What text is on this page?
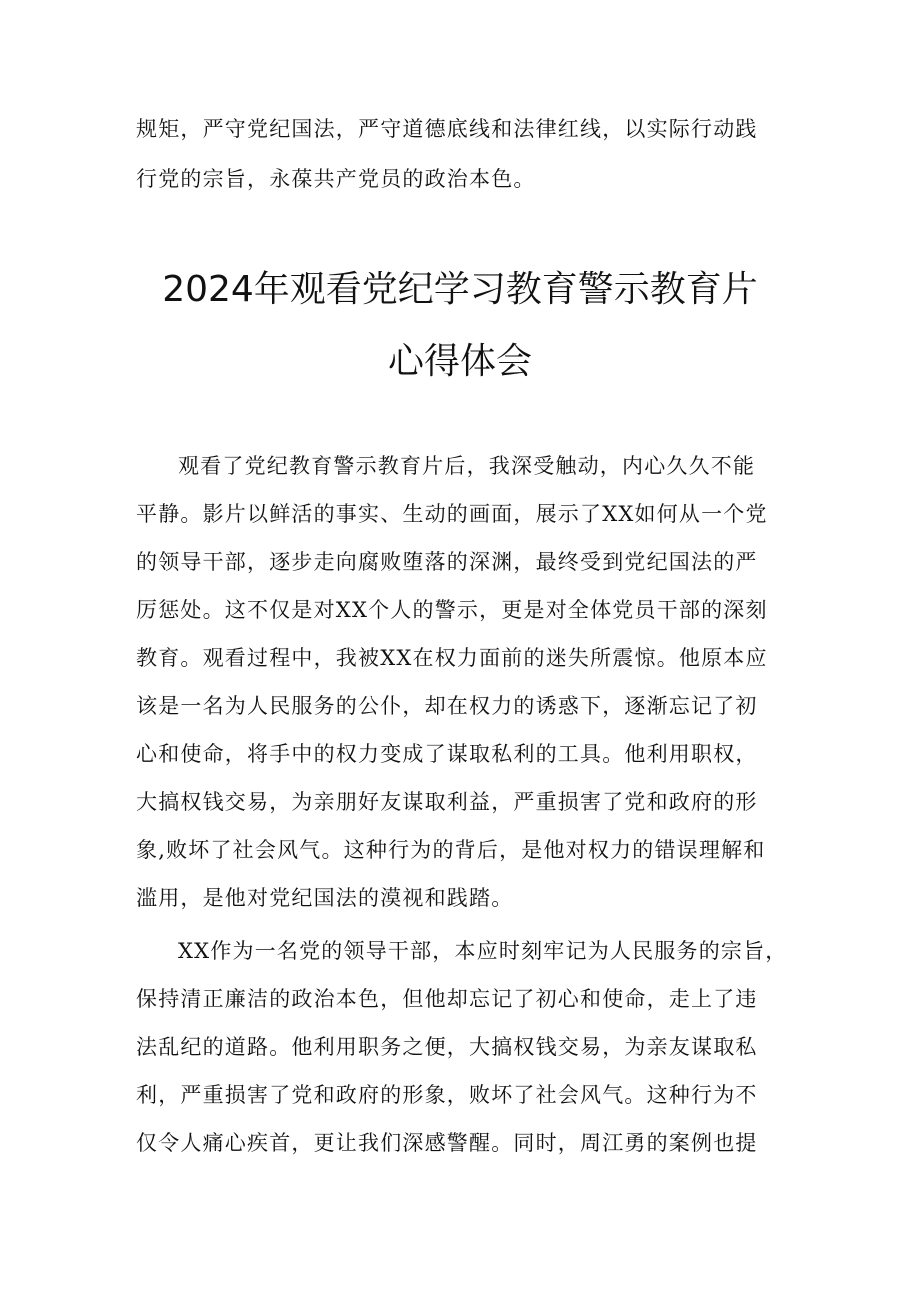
规矩，严守党纪国法，严守道德底线和法律红线，以实际行动践
行党的宗旨，永葆共产党员的政治本色。
2024年观看党纪学习教育警示教育片
心得体会
观看了党纪教育警示教育片后，我深受触动，内心久久不能
平静。影片以鲜活的事实、生动的画面，展示了XX如何从一个党
的领导干部，逐步走向腐败堕落的深渊，最终受到党纪国法的严
厉惩处。这不仅是对XX个人的警示，更是对全体党员干部的深刻
教育。观看过程中，我被XX在权力面前的迷失所震惊。他原本应
该是一名为人民服务的公仆，却在权力的诱惑下，逐渐忘记了初
心和使命，将手中的权力变成了谋取私利的工具。他利用职权，
大搞权钱交易，为亲朋好友谋取利益，严重损害了党和政府的形
象,败坏了社会风气。这种行为的背后，是他对权力的错误理解和
滥用，是他对党纪国法的漠视和践踏。
XX作为一名党的领导干部，本应时刻牢记为人民服务的宗旨，
保持清正廉洁的政治本色，但他却忘记了初心和使命，走上了违
法乱纪的道路。他利用职务之便，大搞权钱交易，为亲友谋取私
利，严重损害了党和政府的形象，败坏了社会风气。这种行为不
仅令人痛心疾首，更让我们深感警醒。同时，周江勇的案例也提
